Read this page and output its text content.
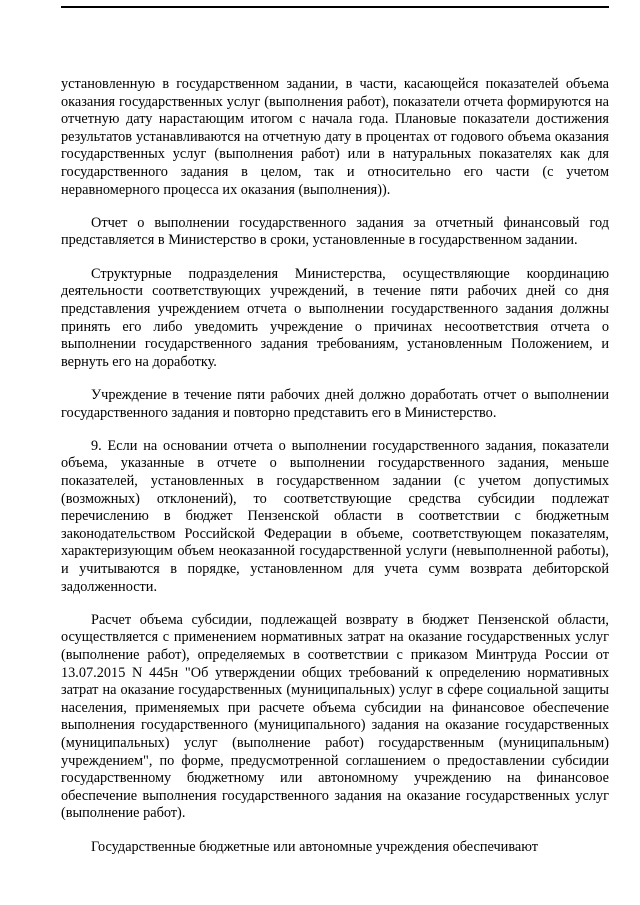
установленную в государственном задании, в части, касающейся показателей объема оказания государственных услуг (выполнения работ), показатели отчета формируются на отчетную дату нарастающим итогом с начала года. Плановые показатели достижения результатов устанавливаются на отчетную дату в процентах от годового объема оказания государственных услуг (выполнения работ) или в натуральных показателях как для государственного задания в целом, так и относительно его части (с учетом неравномерного процесса их оказания (выполнения)).

Отчет о выполнении государственного задания за отчетный финансовый год представляется в Министерство в сроки, установленные в государственном задании.

Структурные подразделения Министерства, осуществляющие координацию деятельности соответствующих учреждений, в течение пяти рабочих дней со дня представления учреждением отчета о выполнении государственного задания должны принять его либо уведомить учреждение о причинах несоответствия отчета о выполнении государственного задания требованиям, установленным Положением, и вернуть его на доработку.

Учреждение в течение пяти рабочих дней должно доработать отчет о выполнении государственного задания и повторно представить его в Министерство.

9. Если на основании отчета о выполнении государственного задания, показатели объема, указанные в отчете о выполнении государственного задания, меньше показателей, установленных в государственном задании (с учетом допустимых (возможных) отклонений), то соответствующие средства субсидии подлежат перечислению в бюджет Пензенской области в соответствии с бюджетным законодательством Российской Федерации в объеме, соответствующем показателям, характеризующим объем неоказанной государственной услуги (невыполненной работы), и учитываются в порядке, установленном для учета сумм возврата дебиторской задолженности.

Расчет объема субсидии, подлежащей возврату в бюджет Пензенской области, осуществляется с применением нормативных затрат на оказание государственных услуг (выполнение работ), определяемых в соответствии с приказом Минтруда России от 13.07.2015 N 445н "Об утверждении общих требований к определению нормативных затрат на оказание государственных (муниципальных) услуг в сфере социальной защиты населения, применяемых при расчете объема субсидии на финансовое обеспечение выполнения государственного (муниципального) задания на оказание государственных (муниципальных) услуг (выполнение работ) государственным (муниципальным) учреждением", по форме, предусмотренной соглашением о предоставлении субсидии государственному бюджетному или автономному учреждению на финансовое обеспечение выполнения государственного задания на оказание государственных услуг (выполнение работ).

Государственные бюджетные или автономные учреждения обеспечивают
